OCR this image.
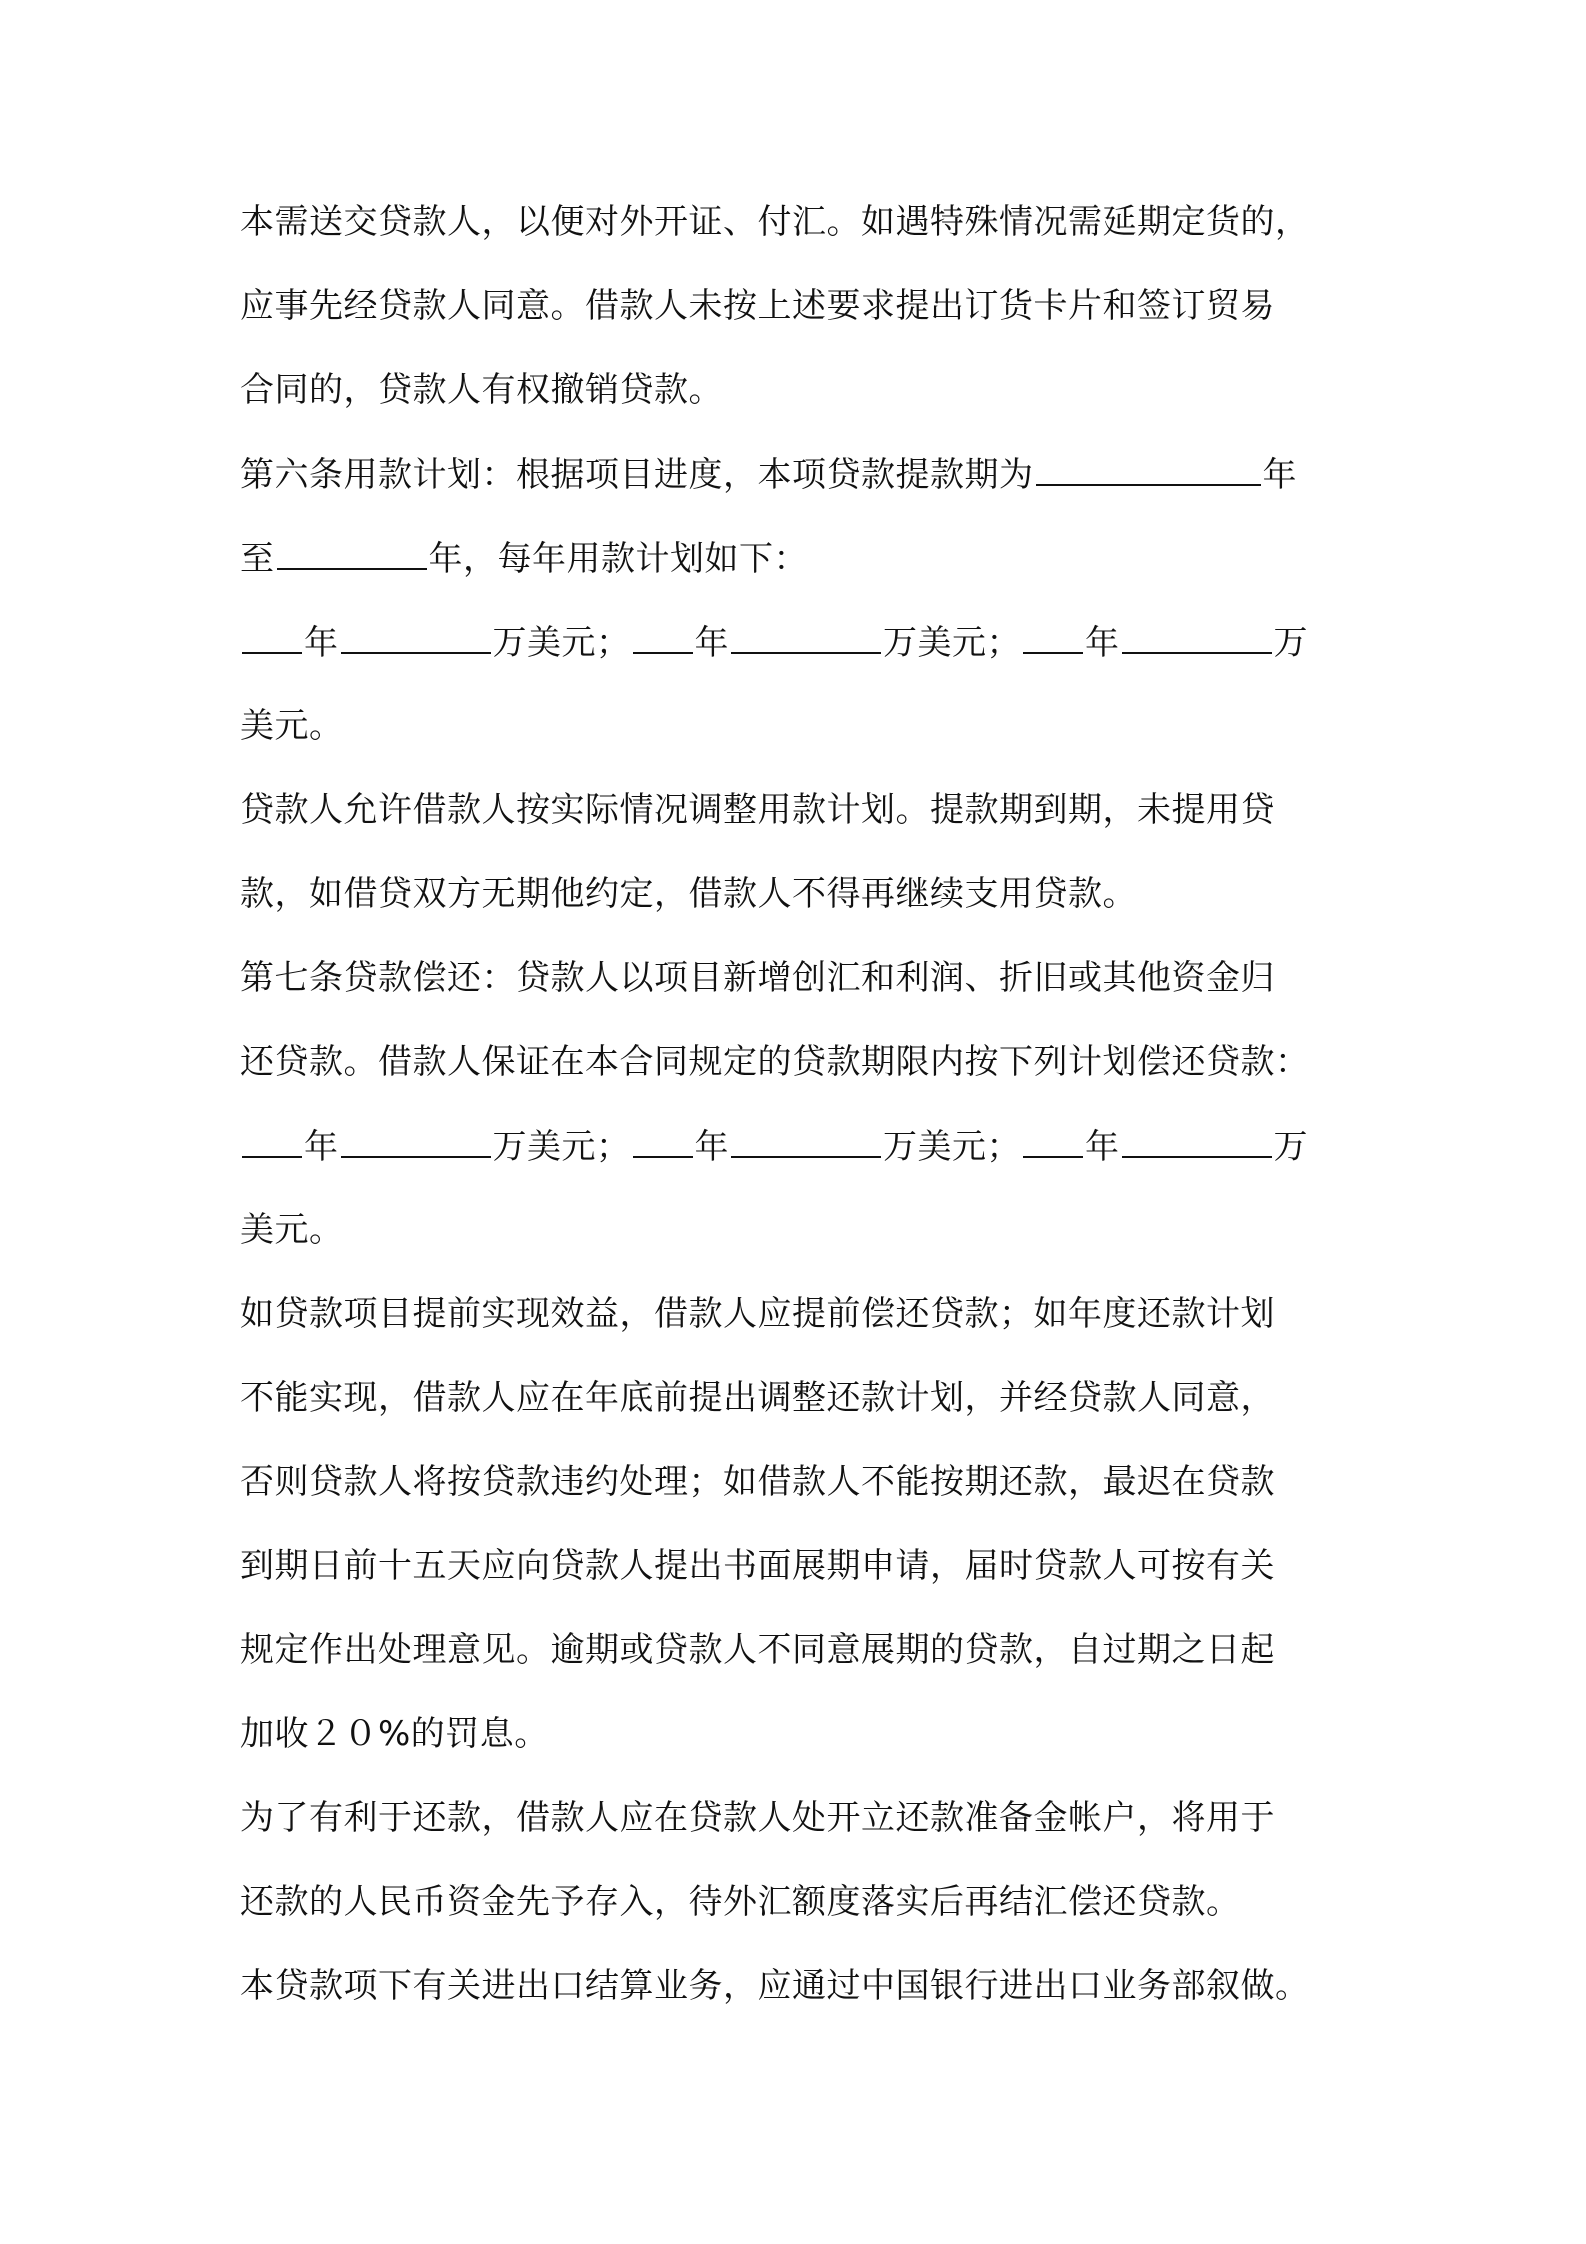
本需送交贷款人，以便对外开证、付汇。如遇特殊情况需延期定货的，
应事先经贷款人同意。借款人未按上述要求提出订货卡片和签订贸易
合同的，贷款人有权撤销贷款。
第六条用款计划：根据项目进度，本项贷款提款期为	年
至	年，每年用款计划如下：
年	万美元； 年	万美元； 年	万
美元。
贷款人允许借款人按实际情况调整用款计划。提款期到期，未提用贷
款，如借贷双方无期他约定，借款人不得再继续支用贷款。
第七条贷款偿还：贷款人以项目新增创汇和利润、折旧或其他资金归
还贷款。借款人保证在本合同规定的贷款期限内按下列计划偿还贷款：
年	万美元； 年	万美元； 年	万
美元。
如贷款项目提前实现效益，借款人应提前偿还贷款；如年度还款计划
不能实现，借款人应在年底前提出调整还款计划，并经贷款人同意，
否则贷款人将按贷款违约处理；如借款人不能按期还款，最迟在贷款
到期日前十五天应向贷款人提出书面展期申请，届时贷款人可按有关
规定作出处理意见。逾期或贷款人不同意展期的贷款，自过期之日起
加收２０%的罚息。
为了有利于还款，借款人应在贷款人处开立还款准备金帐户，将用于
还款的人民币资金先予存入，待外汇额度落实后再结汇偿还贷款。
本贷款项下有关进出口结算业务，应通过中国银行进出口业务部叙做。
